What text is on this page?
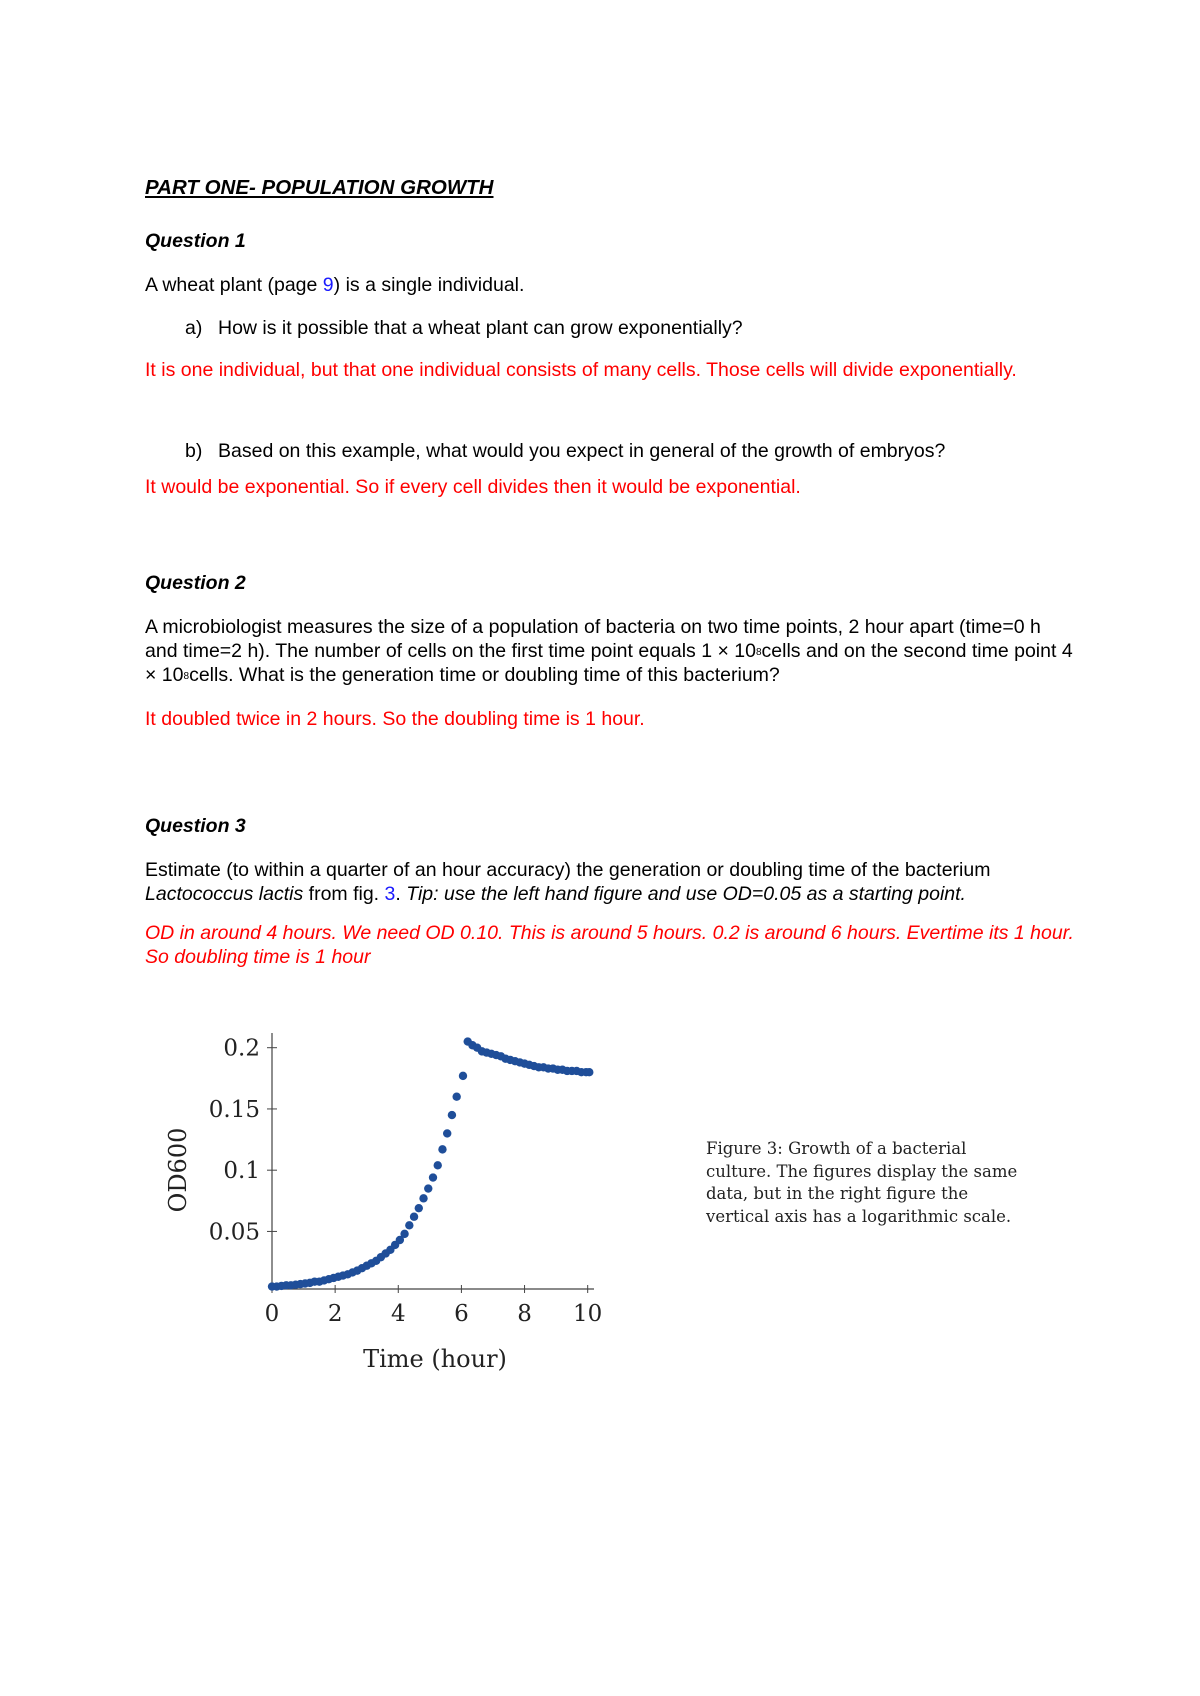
PART ONE- POPULATION GROWTH

Question 1

A wheat plant (page 9) is a single individual.

a) How is it possible that a wheat plant can grow exponentially?

It is one individual, but that one individual consists of many cells. Those cells will divide exponentially.

b) Based on this example, what would you expect in general of the growth of embryos?

It would be exponential. So if every cell divides then it would be exponential.

Question 2

A microbiologist measures the size of a population of bacteria on two time points, 2 hour apart (time=0 h and time=2 h). The number of cells on the first time point equals $1 \times 10^8cells$ and on the second time point $4 \times 10^8cells$. What is the generation time or doubling time of this bacterium?

It doubled twice in 2 hours. So the doubling time is 1 hour.

Question 3

Estimate (to within a quarter of an hour accuracy) the generation or doubling time of the bacterium Lactococcus lactis from fig. 3. Tip: use the left hand figure and use OD=0.05 as a starting point.

OD in around 4 hours. We need OD 0.10. This is around 5 hours. 0.2 is around 6 hours. Evertime its 1 hour. So doubling time is 1 hour

0 2 4 6 8 10
0.05
0.1
0.15
0.2
Time (hour)
OD600	Figure 3: Growth of a bacterial culture. The figures display the same data, but in the right figure the vertical axis has a logarithmic scale.
